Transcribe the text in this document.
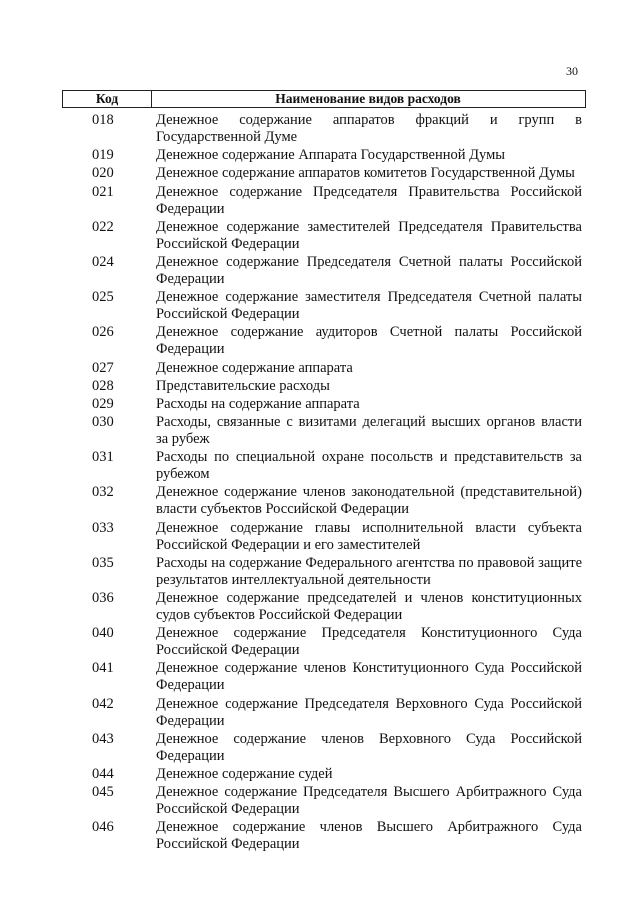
30
Код	Наименование видов расходов
018	Денежное содержание аппаратов фракций и групп в Государственной Думе
019	Денежное содержание Аппарата Государственной Думы
020	Денежное содержание аппаратов комитетов Государственной Думы
021	Денежное содержание Председателя Правительства Российской Федерации
022	Денежное содержание заместителей Председателя Правительства Российской Федерации
024	Денежное содержание Председателя Счетной палаты Российской Федерации
025	Денежное содержание заместителя Председателя Счетной палаты Российской Федерации
026	Денежное содержание аудиторов Счетной палаты Российской Федерации
027	Денежное содержание аппарата
028	Представительские расходы
029	Расходы на содержание аппарата
030	Расходы, связанные с визитами делегаций высших органов власти за рубеж
031	Расходы по специальной охране посольств и представительств за рубежом
032	Денежное содержание членов законодательной (представительной) власти субъектов Российской Федерации
033	Денежное содержание главы исполнительной власти субъекта Российской Федерации и его заместителей
035	Расходы на содержание Федерального агентства по правовой защите результатов интеллектуальной деятельности
036	Денежное содержание председателей и членов конституционных судов субъектов Российской Федерации
040	Денежное содержание Председателя Конституционного Суда Российской Федерации
041	Денежное содержание членов Конституционного Суда Российской Федерации
042	Денежное содержание Председателя Верховного Суда Российской Федерации
043	Денежное содержание членов Верховного Суда Российской Федерации
044	Денежное содержание судей
045	Денежное содержание Председателя Высшего Арбитражного Суда Российской Федерации
046	Денежное содержание членов Высшего Арбитражного Суда Российской Федерации
